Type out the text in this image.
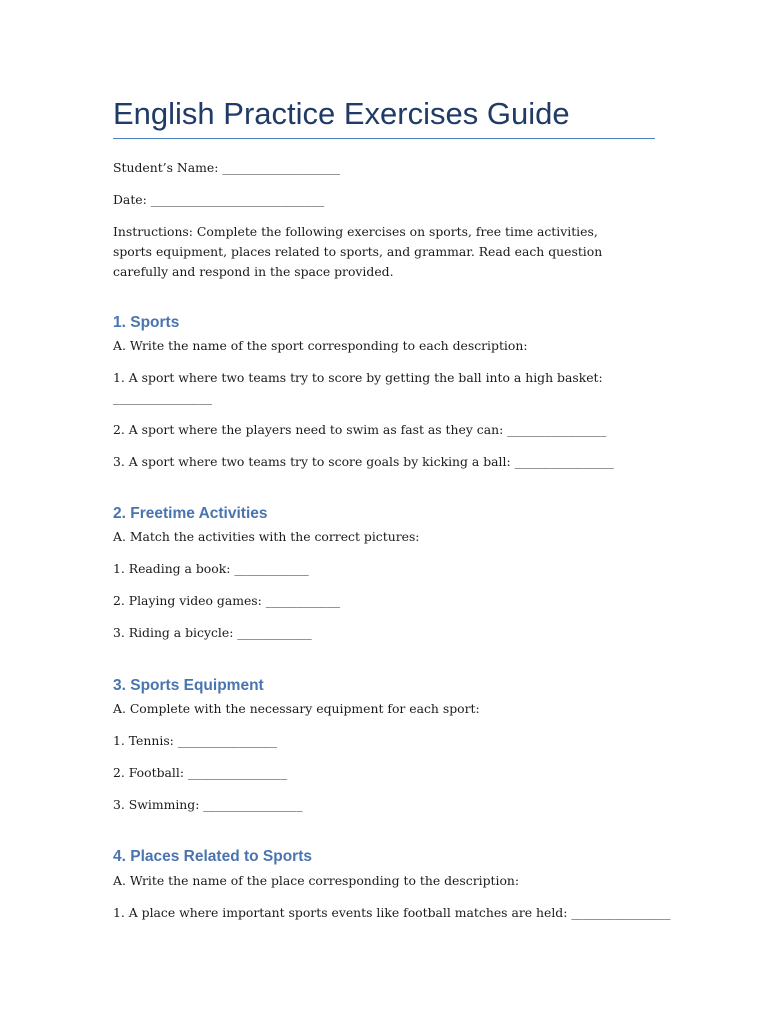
English Practice Exercises Guide
Student’s Name: ___________________
Date: ____________________________
Instructions: Complete the following exercises on sports, free time activities, sports equipment, places related to sports, and grammar. Read each question carefully and respond in the space provided.
1. Sports
A. Write the name of the sport corresponding to each description:
1. A sport where two teams try to score by getting the ball into a high basket:
________________
2. A sport where the players need to swim as fast as they can: ________________
3. A sport where two teams try to score goals by kicking a ball: ________________
2. Freetime Activities
A. Match the activities with the correct pictures:
1. Reading a book: ____________
2. Playing video games: ____________
3. Riding a bicycle: ____________
3. Sports Equipment
A. Complete with the necessary equipment for each sport:
1. Tennis: ________________
2. Football: ________________
3. Swimming: ________________
4. Places Related to Sports
A. Write the name of the place corresponding to the description:
1. A place where important sports events like football matches are held: ________________
